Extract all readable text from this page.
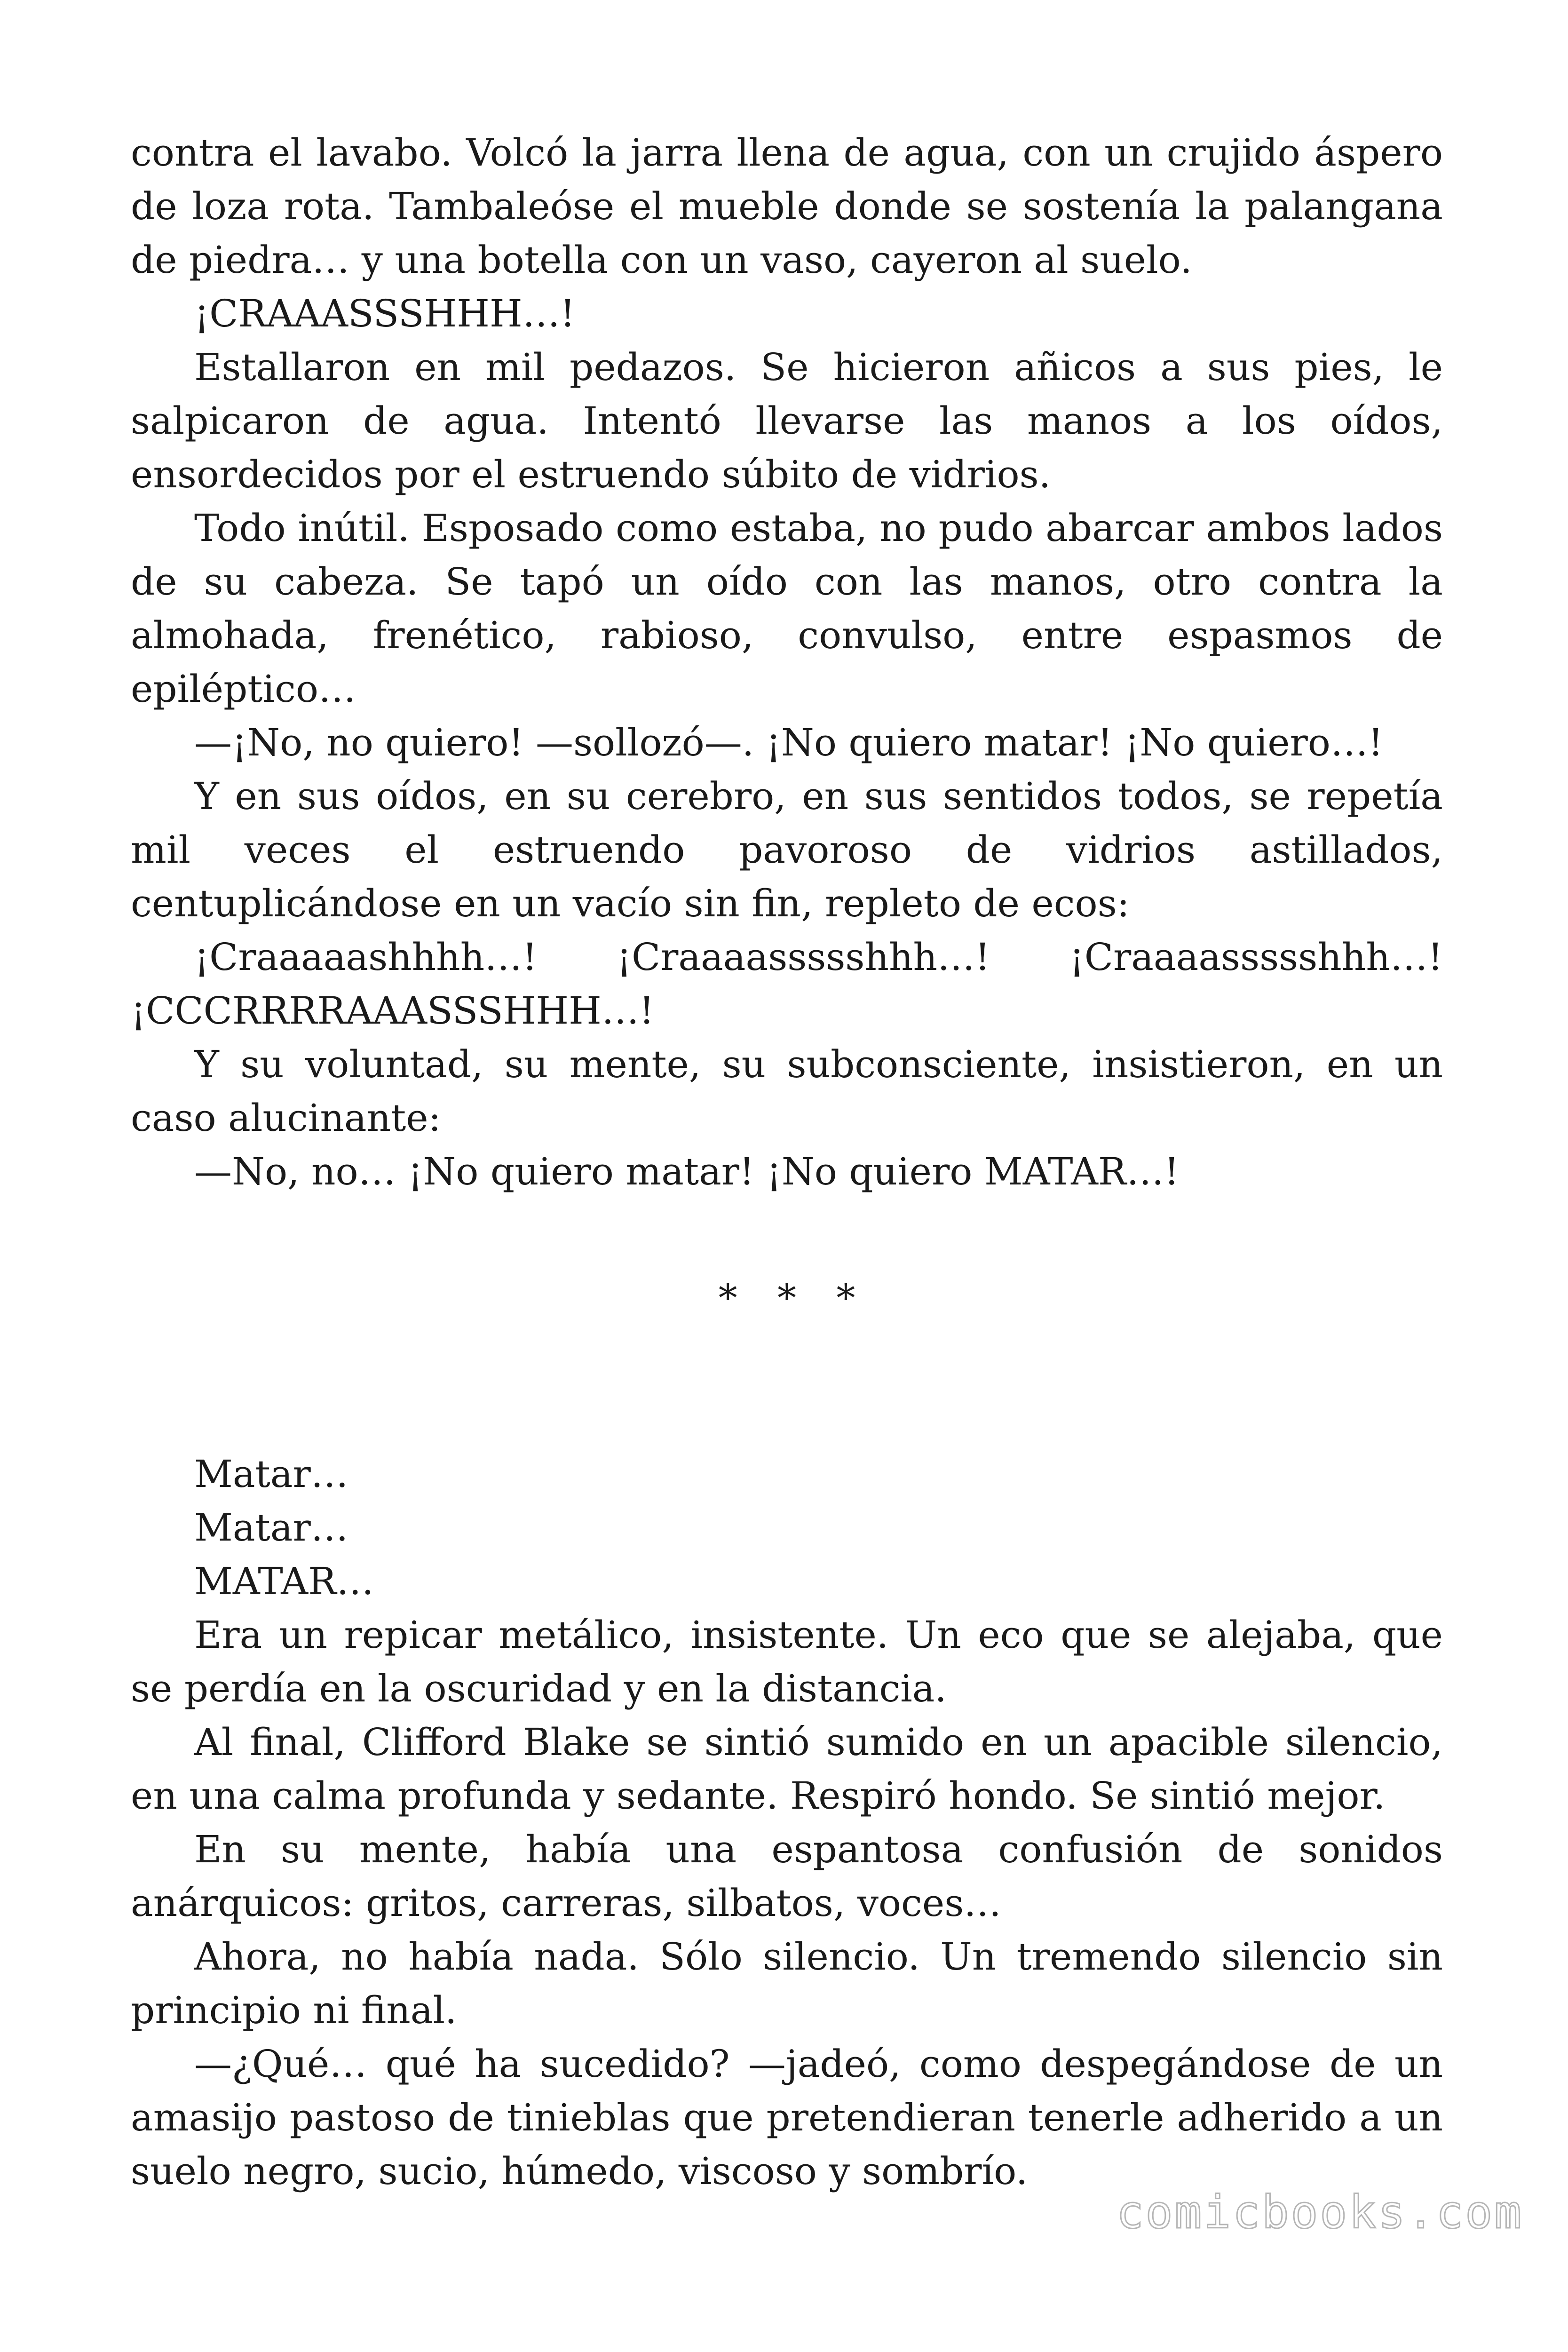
contra el lavabo. Volcó la jarra llena de agua, con un crujido áspero de loza rota. Tambaleóse el mueble donde se sostenía la palangana de piedra… y una botella con un vaso, cayeron al suelo.

¡CRAAASSSHHH…!

Estallaron en mil pedazos. Se hicieron añicos a sus pies, le salpicaron de agua. Intentó llevarse las manos a los oídos, ensordecidos por el estruendo súbito de vidrios.

Todo inútil. Esposado como estaba, no pudo abarcar ambos lados de su cabeza. Se tapó un oído con las manos, otro contra la almohada, frenético, rabioso, convulso, entre espasmos de epiléptico…

—¡No, no quiero! —sollozó—. ¡No quiero matar! ¡No quiero…!

Y en sus oídos, en su cerebro, en sus sentidos todos, se repetía mil veces el estruendo pavoroso de vidrios astillados, centuplicándose en un vacío sin fin, repleto de ecos:

¡Craaaaashhhh…! ¡Craaaassssshhh…! ¡Craaaassssshhh…! ¡CCCRRRRAAASSSHHH…!

Y su voluntad, su mente, su subconsciente, insistieron, en un caso alucinante:

—No, no… ¡No quiero matar! ¡No quiero MATAR…!

* * *

Matar…

Matar…

MATAR…

Era un repicar metálico, insistente. Un eco que se alejaba, que se perdía en la oscuridad y en la distancia.

Al final, Clifford Blake se sintió sumido en un apacible silencio, en una calma profunda y sedante. Respiró hondo. Se sintió mejor.

En su mente, había una espantosa confusión de sonidos anárquicos: gritos, carreras, silbatos, voces…

Ahora, no había nada. Sólo silencio. Un tremendo silencio sin principio ni final.

—¿Qué… qué ha sucedido? —jadeó, como despegándose de un amasijo pastoso de tinieblas que pretendieran tenerle adherido a un suelo negro, sucio, húmedo, viscoso y sombrío.

comicbooks.com
